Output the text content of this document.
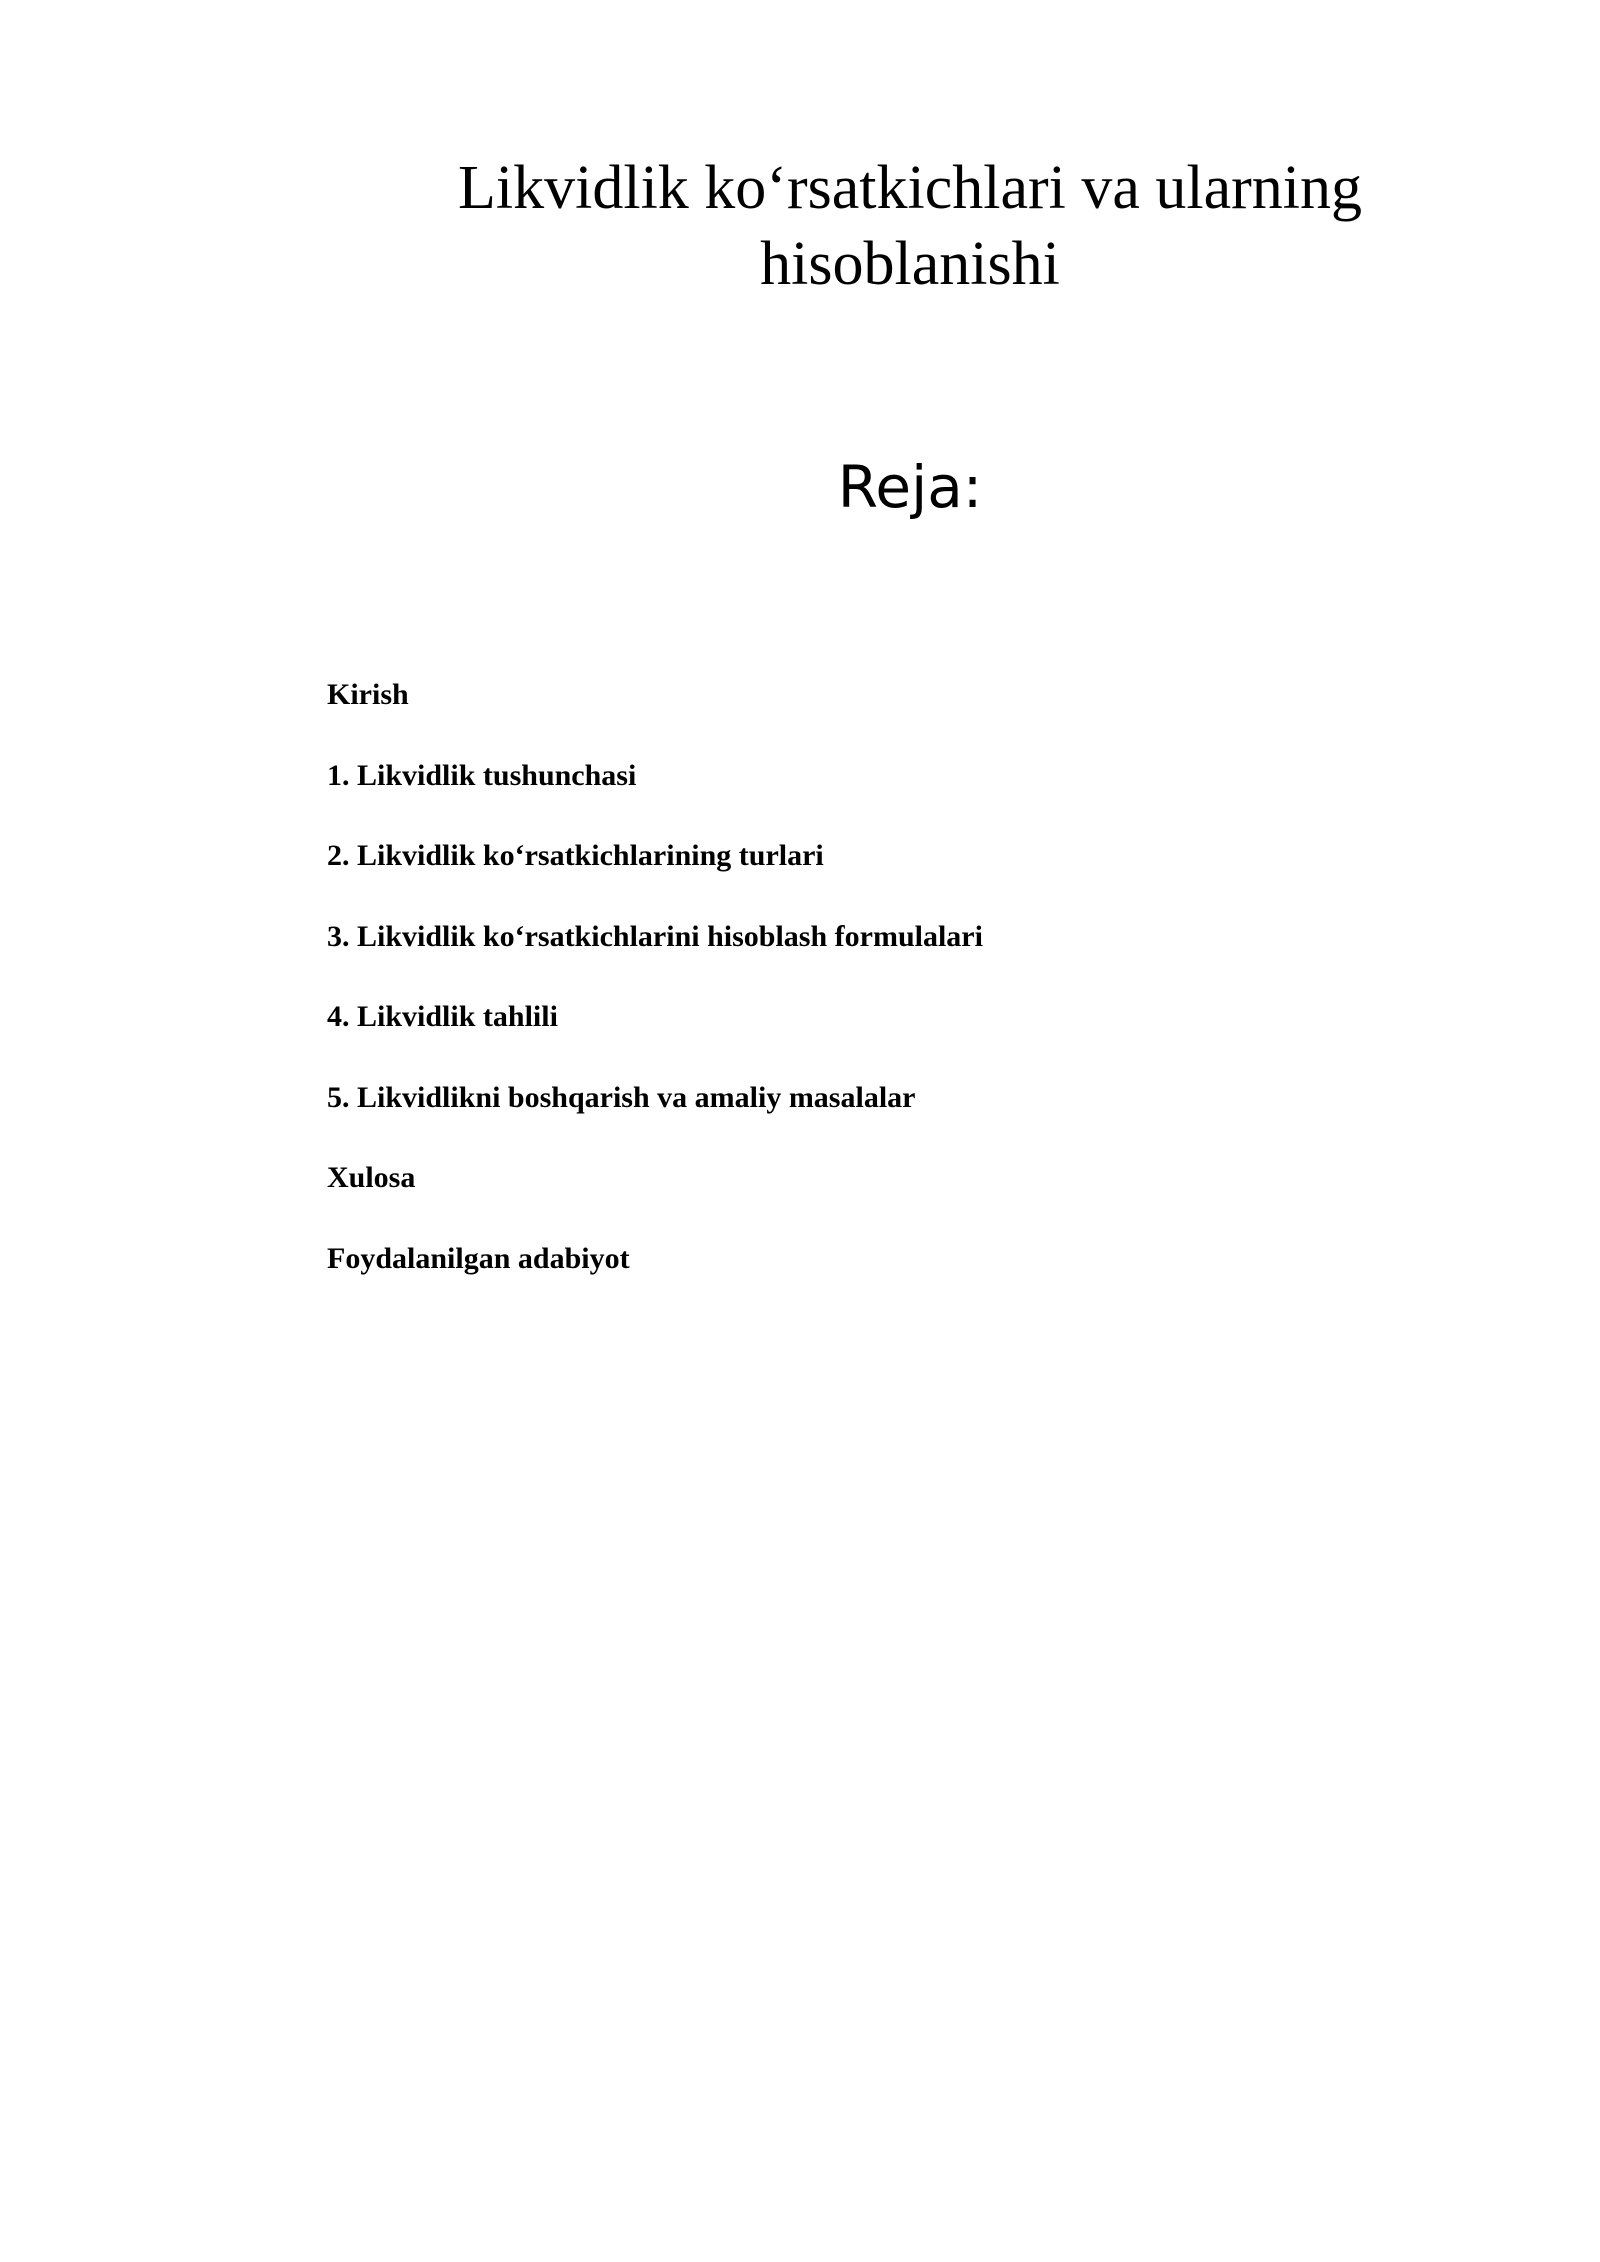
Likvidlik ko‘rsatkichlari va ularning
hisoblanishi
Reja:
Kirish
1. Likvidlik tushunchasi
2. Likvidlik ko‘rsatkichlarining turlari
3. Likvidlik ko‘rsatkichlarini hisoblash formulalari
4. Likvidlik tahlili
5. Likvidlikni boshqarish va amaliy masalalar
Xulosa
Foydalanilgan adabiyot
